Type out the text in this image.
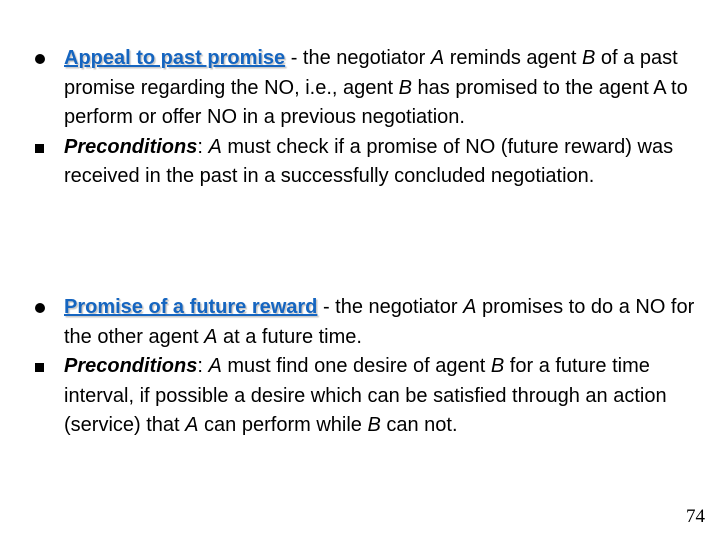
Appeal to past promise - the negotiator A reminds agent B of a past promise regarding the NO, i.e., agent B has promised to the agent A to perform or offer NO in a previous negotiation.
Preconditions: A must check if a promise of NO (future reward) was received in the past in a successfully concluded negotiation.
Promise of a future reward - the negotiator A promises to do a NO for the other agent A at a future time.
Preconditions: A must find one desire of agent B for a future time interval, if possible a desire which can be satisfied through an action (service) that A can perform while B can not.
74
